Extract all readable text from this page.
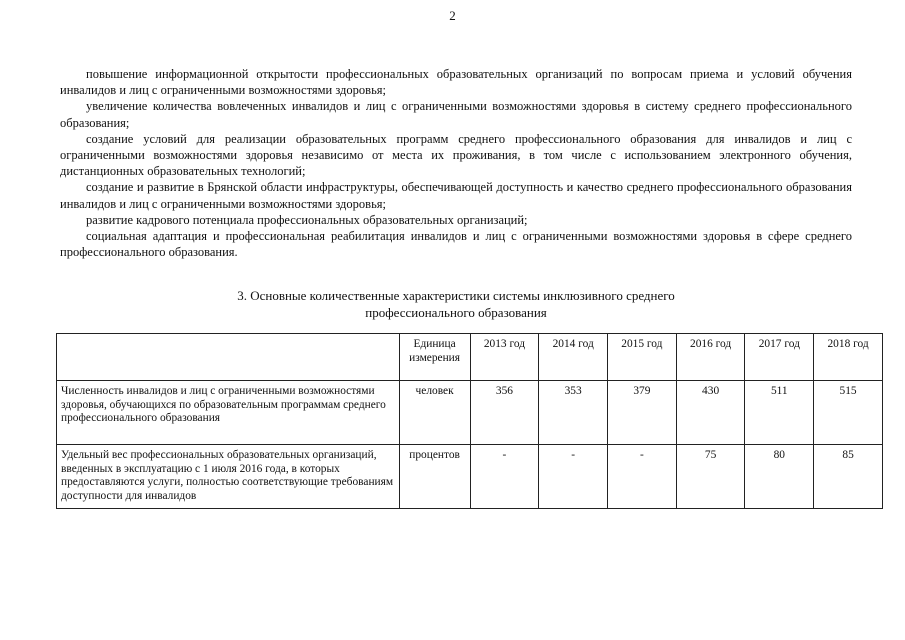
2

повышение информационной открытости профессиональных образовательных организаций по вопросам приема и условий обучения инвалидов и лиц с ограниченными возможностями здоровья;

увеличение количества вовлеченных инвалидов и лиц с ограниченными возможностями здоровья в систему среднего профессионального образования;

создание условий для реализации образовательных программ среднего профессионального образования для инвалидов и лиц с ограниченными возможностями здоровья независимо от места их проживания, в том числе с использованием электронного обучения, дистанционных образовательных технологий;

создание и развитие в Брянской области инфраструктуры, обеспечивающей доступность и качество среднего профессионального образования инвалидов и лиц с ограниченными возможностями здоровья;

развитие кадрового потенциала профессиональных образовательных организаций;

социальная адаптация и профессиональная реабилитация инвалидов и лиц с ограниченными возможностями здоровья в сфере среднего профессионального образования.

3. Основные количественные характеристики системы инклюзивного среднего
профессионального образования
	Единица измерения	2013 год	2014 год	2015 год	2016 год	2017 год	2018 год
Численность инвалидов и лиц с ограниченными возможностями здоровья, обучающихся по образовательным программам среднего профессионального образования	человек	356	353	379	430	511	515
Удельный вес профессиональных образовательных организаций, введенных в эксплуатацию с 1 июля 2016 года, в которых предоставляются услуги, полностью соответствующие требованиям доступности для инвалидов	процентов	-	-	-	75	80	85
